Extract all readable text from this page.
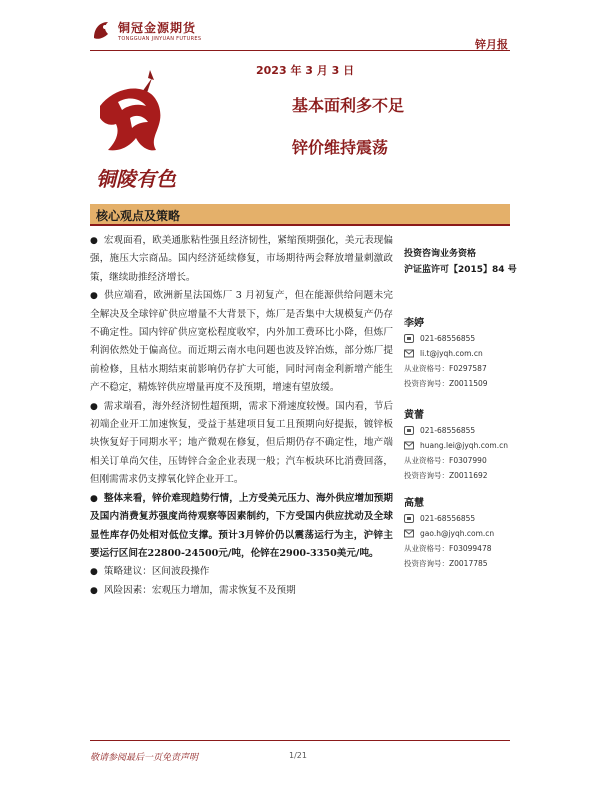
铜冠金源期货
TONGGUAN JINYUAN FUTURES	锌月报
2023 年 3 月 3 日
铜陵有色
基本面利多不足
锌价维持震荡
核心观点及策略

● 宏观面看，欧美通胀粘性强且经济韧性，紧缩预期强化，美元表现偏强，施压大宗商品。国内经济延续修复，市场期待两会释放增量刺激政策，继续助推经济增长。

● 供应端看，欧洲新星法国炼厂 3 月初复产，但在能源供给问题未完全解决及全球锌矿供应增量不大背景下，炼厂是否集中大规模复产仍存不确定性。国内锌矿供应宽松程度收窄，内外加工费环比小降，但炼厂利润依然处于偏高位。而近期云南水电问题也波及锌冶炼，部分炼厂提前检修，且枯水期结束前影响仍存扩大可能，同时河南金利新增产能生产不稳定，精炼锌供应增量再度不及预期，增速有望放缓。

● 需求端看，海外经济韧性超预期，需求下滑速度较慢。国内看，节后初端企业开工加速恢复，受益于基建项目复工且预期向好提振，镀锌板块恢复好于同期水平；地产微观在修复，但后期仍存不确定性，地产端相关订单尚欠佳，压铸锌合金企业表现一般；汽车板块环比消费回落，但刚需需求仍支撑氧化锌企业开工。

● 整体来看，锌价难现趋势行情，上方受美元压力、海外供应增加预期及国内消费复苏强度尚待观察等因素制约，下方受国内供应扰动及全球显性库存仍处相对低位支撑。预计3月锌价仍以震荡运行为主，沪锌主要运行区间在22800-24500元/吨，伦锌在2900-3350美元/吨。

● 策略建议：区间波段操作

● 风险因素：宏观压力增加，需求恢复不及预期

投资咨询业务资格
沪证监许可【2015】84 号
李婷
021-68556855
li.t@jyqh.com.cn
从业资格号：F0297587
投资咨询号：Z0011509
黄蕾
021-68556855
huang.lei@jyqh.com.cn
从业资格号：F0307990
投资咨询号：Z0011692
高慧
021-68556855
gao.h@jyqh.com.cn
从业资格号：F03099478
投资咨询号：Z0017785
敬请参阅最后一页免责声明	1/21
